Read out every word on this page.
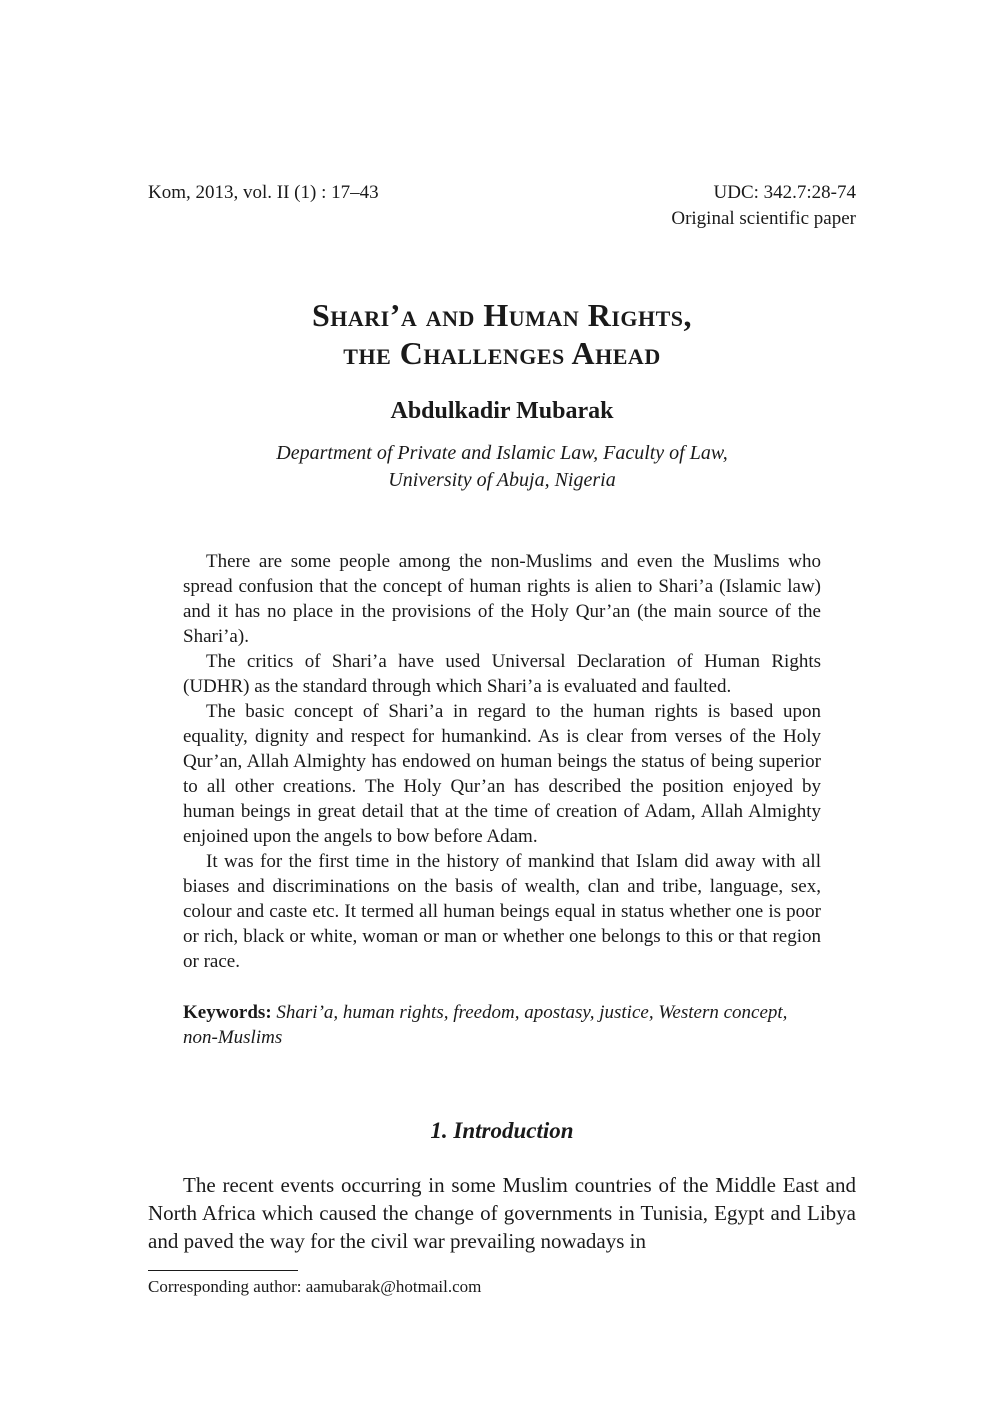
Kom, 2013, vol. II (1) : 17–43	UDC: 342.7:28-74
Original scientific paper
Shari’a and Human Rights,
the Challenges Ahead
Abdulkadir Mubarak
Department of Private and Islamic Law, Faculty of Law,
University of Abuja, Nigeria

There are some people among the non-Muslims and even the Muslims who spread confusion that the concept of human rights is alien to Shari’a (Islamic law) and it has no place in the provisions of the Holy Qur’an (the main source of the Shari’a).

The critics of Shari’a have used Universal Declaration of Human Rights (UDHR) as the standard through which Shari’a is evaluated and faulted.

The basic concept of Shari’a in regard to the human rights is based upon equality, dignity and respect for humankind. As is clear from verses of the Holy Qur’an, Allah Almighty has endowed on human beings the status of being superior to all other creations. The Holy Qur’an has described the position enjoyed by human beings in great detail that at the time of creation of Adam, Allah Almighty enjoined upon the angels to bow before Adam.

It was for the first time in the history of mankind that Islam did away with all biases and discriminations on the basis of wealth, clan and tribe, language, sex, colour and caste etc. It termed all human beings equal in status whether one is poor or rich, black or white, woman or man or whether one belongs to this or that region or race.

Keywords: Shari’a, human rights, freedom, apostasy, justice, Western concept, non-Muslims
1. Introduction

The recent events occurring in some Muslim countries of the Middle East and North Africa which caused the change of governments in Tunisia, Egypt and Libya and paved the way for the civil war prevailing nowadays in

Corresponding author: aamubarak@hotmail.com
